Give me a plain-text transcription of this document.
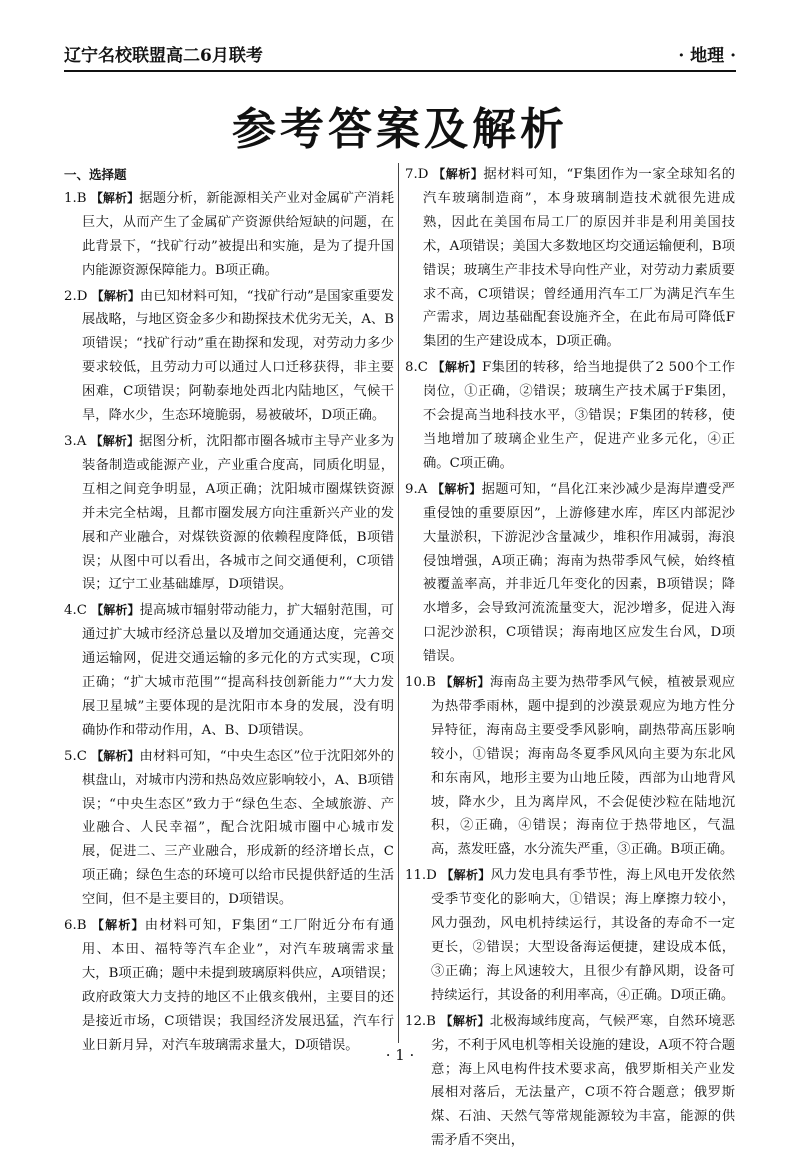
辽宁名校联盟高二6月联考	· 地理 ·
参考答案及解析
一、选择题

1.B 【解析】据题分析，新能源相关产业对金属矿产消耗巨大，从而产生了金属矿产资源供给短缺的问题，在此背景下，“找矿行动”被提出和实施，是为了提升国内能源资源保障能力。B项正确。

2.D 【解析】由已知材料可知，“找矿行动”是国家重要发展战略，与地区资金多少和勘探技术优劣无关，A、B项错误；“找矿行动”重在勘探和发现，对劳动力多少要求较低，且劳动力可以通过人口迁移获得，非主要困难，C项错误；阿勒泰地处西北内陆地区，气候干旱，降水少，生态环境脆弱，易被破坏，D项正确。

3.A 【解析】据图分析，沈阳都市圈各城市主导产业多为装备制造或能源产业，产业重合度高，同质化明显，互相之间竞争明显，A项正确；沈阳城市圈煤铁资源并未完全枯竭，且都市圈发展方向注重新兴产业的发展和产业融合，对煤铁资源的依赖程度降低，B项错误；从图中可以看出，各城市之间交通便利，C项错误；辽宁工业基础雄厚，D项错误。

4.C 【解析】提高城市辐射带动能力，扩大辐射范围，可通过扩大城市经济总量以及增加交通通达度，完善交通运输网，促进交通运输的多元化的方式实现，C项正确；“扩大城市范围”“提高科技创新能力”“大力发展卫星城”主要体现的是沈阳市本身的发展，没有明确协作和带动作用，A、B、D项错误。

5.C 【解析】由材料可知，“中央生态区”位于沈阳郊外的棋盘山，对城市内涝和热岛效应影响较小，A、B项错误；“中央生态区”致力于“绿色生态、全域旅游、产业融合、人民幸福”，配合沈阳城市圈中心城市发展，促进二、三产业融合，形成新的经济增长点，C项正确；绿色生态的环境可以给市民提供舒适的生活空间，但不是主要目的，D项错误。

6.B 【解析】由材料可知，F集团“工厂附近分布有通用、本田、福特等汽车企业”，对汽车玻璃需求量大，B项正确；题中未提到玻璃原料供应，A项错误；政府政策大力支持的地区不止俄亥俄州，主要目的还是接近市场，C项错误；我国经济发展迅猛，汽车行业日新月异，对汽车玻璃需求量大，D项错误。

7.D 【解析】据材料可知，“F集团作为一家全球知名的汽车玻璃制造商”，本身玻璃制造技术就很先进成熟，因此在美国布局工厂的原因并非是利用美国技术，A项错误；美国大多数地区均交通运输便利，B项错误；玻璃生产非技术导向性产业，对劳动力素质要求不高，C项错误；曾经通用汽车工厂为满足汽车生产需求，周边基础配套设施齐全，在此布局可降低F集团的生产建设成本，D项正确。

8.C 【解析】F集团的转移，给当地提供了2 500个工作岗位，①正确，②错误；玻璃生产技术属于F集团，不会提高当地科技水平，③错误；F集团的转移，使当地增加了玻璃企业生产，促进产业多元化，④正确。C项正确。

9.A 【解析】据题可知，“昌化江来沙减少是海岸遭受严重侵蚀的重要原因”，上游修建水库，库区内部泥沙大量淤积，下游泥沙含量减少，堆积作用减弱，海浪侵蚀增强，A项正确；海南为热带季风气候，始终植被覆盖率高，并非近几年变化的因素，B项错误；降水增多，会导致河流流量变大，泥沙增多，促进入海口泥沙淤积，C项错误；海南地区应发生台风，D项错误。

10.B 【解析】海南岛主要为热带季风气候，植被景观应为热带季雨林，题中提到的沙漠景观应为地方性分异特征，海南岛主要受季风影响，副热带高压影响较小，①错误；海南岛冬夏季风风向主要为东北风和东南风，地形主要为山地丘陵，西部为山地背风坡，降水少，且为离岸风，不会促使沙粒在陆地沉积，②正确，④错误；海南位于热带地区，气温高，蒸发旺盛，水分流失严重，③正确。B项正确。

11.D 【解析】风力发电具有季节性，海上风电开发依然受季节变化的影响大，①错误；海上摩擦力较小，风力强劲，风电机持续运行，其设备的寿命不一定更长，②错误；大型设备海运便捷，建设成本低，③正确；海上风速较大，且很少有静风期，设备可持续运行，其设备的利用率高，④正确。D项正确。

12.B 【解析】北极海域纬度高，气候严寒，自然环境恶劣，不利于风电机等相关设施的建设，A项不符合题意；海上风电构件技术要求高，俄罗斯相关产业发展相对落后，无法量产，C项不符合题意；俄罗斯煤、石油、天然气等常规能源较为丰富，能源的供需矛盾不突出，

· 1 ·
